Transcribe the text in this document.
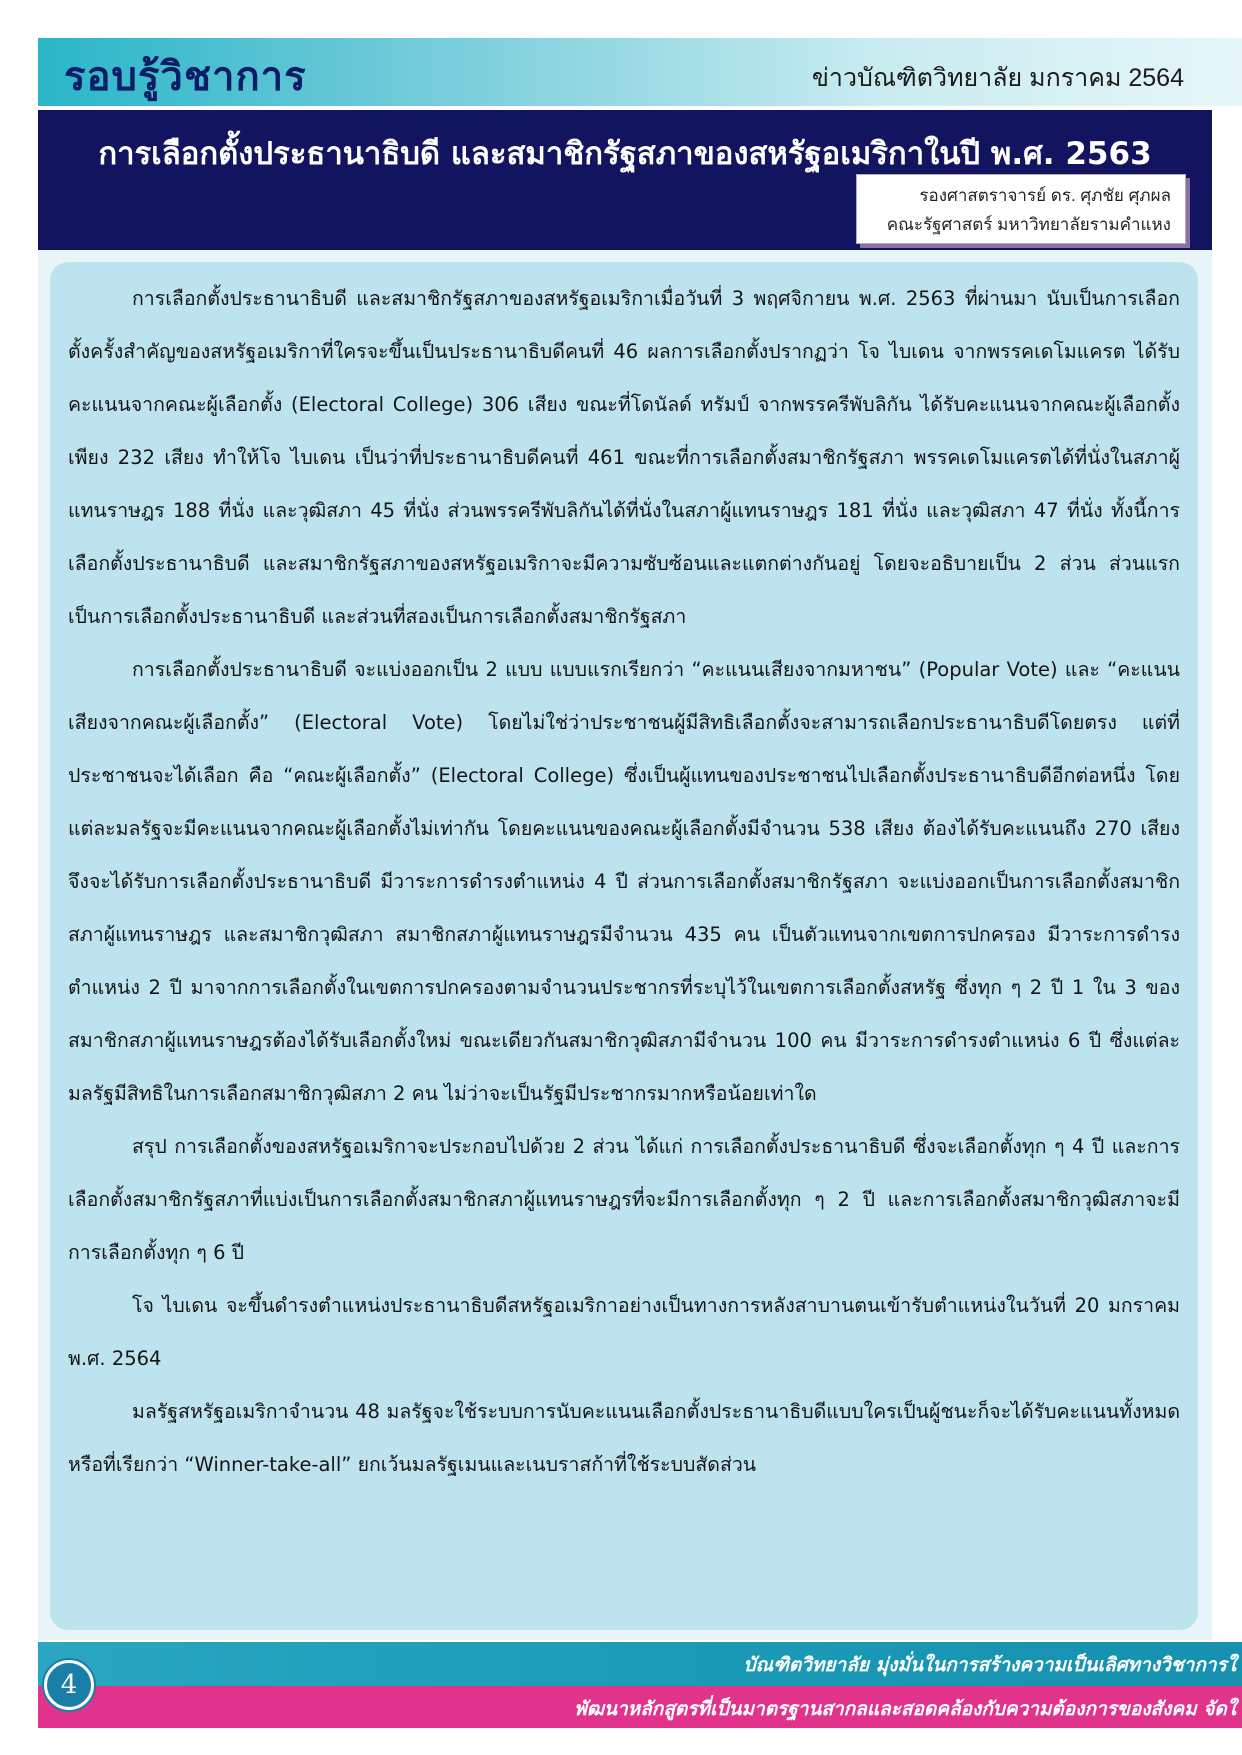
รอบรู้วิชาการ	ข่าวบัณฑิตวิทยาลัย มกราคม 2564
การเลือกตั้งประธานาธิบดี และสมาชิกรัฐสภาของสหรัฐอเมริกาในปี พ.ศ. 2563
รองศาสตราจารย์ ดร. ศุภชัย ศุภผล
คณะรัฐศาสตร์ มหาวิทยาลัยรามคำแหง

การเลือกตั้งประธานาธิบดี และสมาชิกรัฐสภาของสหรัฐอเมริกาเมื่อวันที่ 3 พฤศจิกายน พ.ศ. 2563 ที่ผ่านมา นับเป็นการเลือกตั้งครั้งสำคัญของสหรัฐอเมริกาที่ใครจะขึ้นเป็นประธานาธิบดีคนที่ 46 ผลการเลือกตั้งปรากฏว่า โจ ไบเดน จากพรรคเดโมแครต ได้รับคะแนนจากคณะผู้เลือกตั้ง (Electoral College) 306 เสียง ขณะที่โดนัลด์ ทรัมป์ จากพรรครีพับลิกัน ได้รับคะแนนจากคณะผู้เลือกตั้งเพียง 232 เสียง ทำให้โจ ไบเดน เป็นว่าที่ประธานาธิบดีคนที่ 461 ขณะที่การเลือกตั้งสมาชิกรัฐสภา พรรคเดโมแครตได้ที่นั่งในสภาผู้แทนราษฎร 188 ที่นั่ง และวุฒิสภา 45 ที่นั่ง ส่วนพรรครีพับลิกันได้ที่นั่งในสภาผู้แทนราษฎร 181 ที่นั่ง และวุฒิสภา 47 ที่นั่ง ทั้งนี้การเลือกตั้งประธานาธิบดี และสมาชิกรัฐสภาของสหรัฐอเมริกาจะมีความซับซ้อนและแตกต่างกันอยู่ โดยจะอธิบายเป็น 2 ส่วน ส่วนแรกเป็นการเลือกตั้งประธานาธิบดี และส่วนที่สองเป็นการเลือกตั้งสมาชิกรัฐสภา

การเลือกตั้งประธานาธิบดี จะแบ่งออกเป็น 2 แบบ แบบแรกเรียกว่า “คะแนนเสียงจากมหาชน” (Popular Vote) และ “คะแนนเสียงจากคณะผู้เลือกตั้ง” (Electoral Vote) โดยไม่ใช่ว่าประชาชนผู้มีสิทธิเลือกตั้งจะสามารถเลือกประธานาธิบดีโดยตรง แต่ที่ประชาชนจะได้เลือก คือ “คณะผู้เลือกตั้ง” (Electoral College) ซึ่งเป็นผู้แทนของประชาชนไปเลือกตั้งประธานาธิบดีอีกต่อหนึ่ง โดยแต่ละมลรัฐจะมีคะแนนจากคณะผู้เลือกตั้งไม่เท่ากัน โดยคะแนนของคณะผู้เลือกตั้งมีจำนวน 538 เสียง ต้องได้รับคะแนนถึง 270 เสียง จึงจะได้รับการเลือกตั้งประธานาธิบดี มีวาระการดำรงตำแหน่ง 4 ปี ส่วนการเลือกตั้งสมาชิกรัฐสภา จะแบ่งออกเป็นการเลือกตั้งสมาชิกสภาผู้แทนราษฎร และสมาชิกวุฒิสภา สมาชิกสภาผู้แทนราษฎรมีจำนวน 435 คน เป็นตัวแทนจากเขตการปกครอง มีวาระการดำรงตำแหน่ง 2 ปี มาจากการเลือกตั้งในเขตการปกครองตามจำนวนประชากรที่ระบุไว้ในเขตการเลือกตั้งสหรัฐ ซึ่งทุก ๆ 2 ปี 1 ใน 3 ของสมาชิกสภาผู้แทนราษฎรต้องได้รับเลือกตั้งใหม่ ขณะเดียวกันสมาชิกวุฒิสภามีจำนวน 100 คน มีวาระการดำรงตำแหน่ง 6 ปี ซึ่งแต่ละมลรัฐมีสิทธิในการเลือกสมาชิกวุฒิสภา 2 คน ไม่ว่าจะเป็นรัฐมีประชากรมากหรือน้อยเท่าใด

สรุป การเลือกตั้งของสหรัฐอเมริกาจะประกอบไปด้วย 2 ส่วน ได้แก่ การเลือกตั้งประธานาธิบดี ซึ่งจะเลือกตั้งทุก ๆ 4 ปี และการเลือกตั้งสมาชิกรัฐสภาที่แบ่งเป็นการเลือกตั้งสมาชิกสภาผู้แทนราษฎรที่จะมีการเลือกตั้งทุก ๆ 2 ปี และการเลือกตั้งสมาชิกวุฒิสภาจะมีการเลือกตั้งทุก ๆ 6 ปี

โจ ไบเดน จะขึ้นดำรงตำแหน่งประธานาธิบดีสหรัฐอเมริกาอย่างเป็นทางการหลังสาบานตนเข้ารับตำแหน่งในวันที่ 20 มกราคม พ.ศ. 2564

มลรัฐสหรัฐอเมริกาจำนวน 48 มลรัฐจะใช้ระบบการนับคะแนนเลือกตั้งประธานาธิบดีแบบใครเป็นผู้ชนะก็จะได้รับคะแนนทั้งหมด หรือที่เรียกว่า “Winner-take-all” ยกเว้นมลรัฐเมนและเนบราสก้าที่ใช้ระบบสัดส่วน

บัณฑิตวิทยาลัย มุ่งมั่นในการสร้างความเป็นเลิศทางวิชาการใ
พัฒนาหลักสูตรที่เป็นมาตรฐานสากลและสอดคล้องกับความต้องการของสังคม จัดใ
4
